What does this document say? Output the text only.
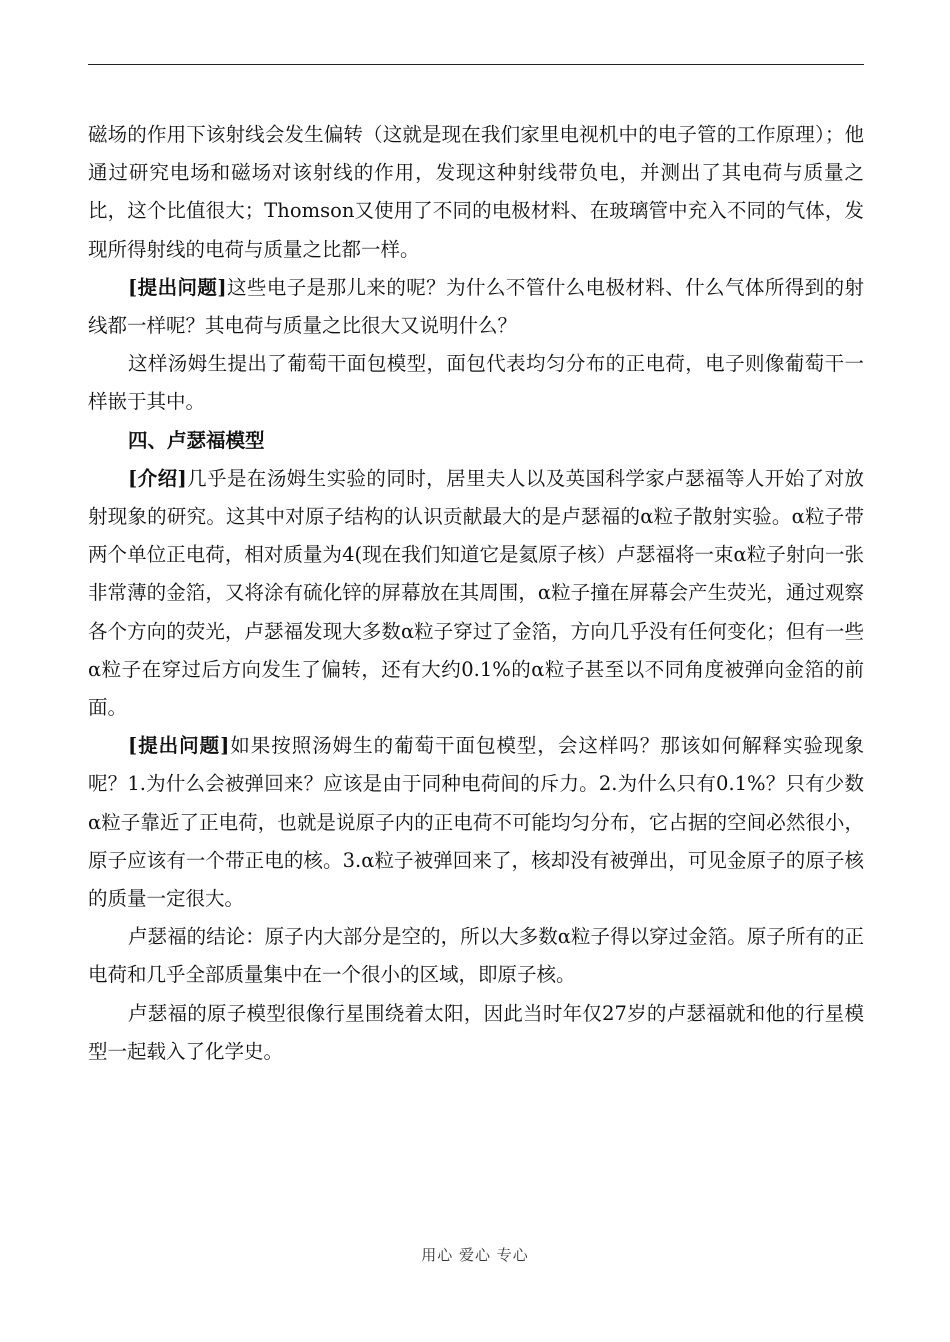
磁场的作用下该射线会发生偏转（这就是现在我们家里电视机中的电子管的工作原理）；他通过研究电场和磁场对该射线的作用，发现这种射线带负电，并测出了其电荷与质量之比，这个比值很大；Thomson又使用了不同的电极材料、在玻璃管中充入不同的气体，发现所得射线的电荷与质量之比都一样。

[提出问题]这些电子是那儿来的呢？为什么不管什么电极材料、什么气体所得到的射线都一样呢？其电荷与质量之比很大又说明什么？

这样汤姆生提出了葡萄干面包模型，面包代表均匀分布的正电荷，电子则像葡萄干一样嵌于其中。

四、卢瑟福模型

[介绍]几乎是在汤姆生实验的同时，居里夫人以及英国科学家卢瑟福等人开始了对放射现象的研究。这其中对原子结构的认识贡献最大的是卢瑟福的α粒子散射实验。α粒子带两个单位正电荷，相对质量为4(现在我们知道它是氦原子核）卢瑟福将一束α粒子射向一张非常薄的金箔，又将涂有硫化锌的屏幕放在其周围，α粒子撞在屏幕会产生荧光，通过观察各个方向的荧光，卢瑟福发现大多数α粒子穿过了金箔，方向几乎没有任何变化；但有一些α粒子在穿过后方向发生了偏转，还有大约0.1%的α粒子甚至以不同角度被弹向金箔的前面。

[提出问题]如果按照汤姆生的葡萄干面包模型，会这样吗？那该如何解释实验现象呢？1.为什么会被弹回来？应该是由于同种电荷间的斥力。2.为什么只有0.1%？只有少数α粒子靠近了正电荷，也就是说原子内的正电荷不可能均匀分布，它占据的空间必然很小，原子应该有一个带正电的核。3.α粒子被弹回来了，核却没有被弹出，可见金原子的原子核的质量一定很大。

卢瑟福的结论：原子内大部分是空的，所以大多数α粒子得以穿过金箔。原子所有的正电荷和几乎全部质量集中在一个很小的区域，即原子核。

卢瑟福的原子模型很像行星围绕着太阳，因此当时年仅27岁的卢瑟福就和他的行星模型一起载入了化学史。

用心 爱心 专心
